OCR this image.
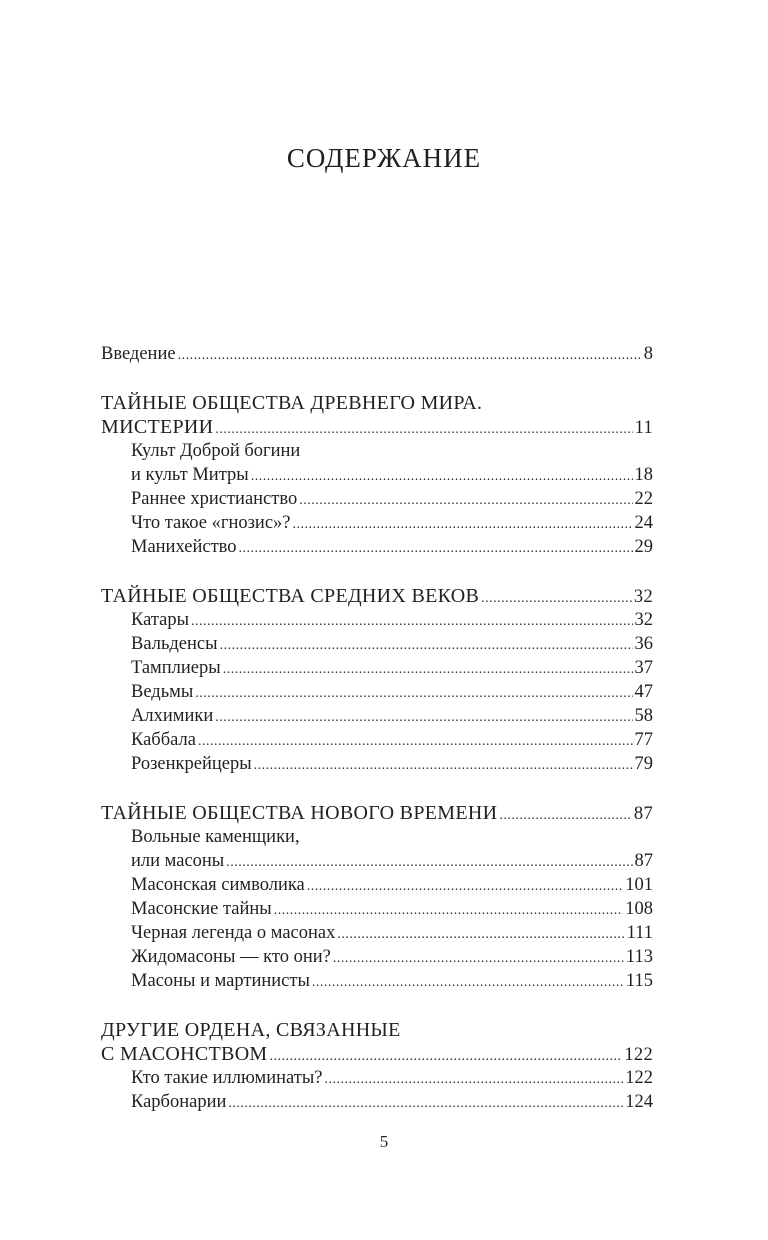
СОДЕРЖАНИЕ
Введение .....	8
ТАЙНЫЕ ОБЩЕСТВА ДРЕВНЕГО МИРА.
МИСТЕРИИ .....	11
Культ Доброй богини
и культ Митры .....	18
Раннее христианство .....	22
Что такое «гнозис»? .....	24
Манихейство .....	29
ТАЙНЫЕ ОБЩЕСТВА СРЕДНИХ ВЕКОВ .....	32
Катары .....	32
Вальденсы .....	36
Тамплиеры .....	37
Ведьмы .....	47
Алхимики .....	58
Каббала .....	77
Розенкрейцеры .....	79
ТАЙНЫЕ ОБЩЕСТВА НОВОГО ВРЕМЕНИ .....	87
Вольные каменщики,
или масоны .....	87
Масонская символика .....	101
Масонские тайны .....	108
Черная легенда о масонах .....	111
Жидомасоны — кто они? .....	113
Масоны и мартинисты .....	115
ДРУГИЕ ОРДЕНА, СВЯЗАННЫЕ
С МАСОНСТВОМ .....	122
Кто такие иллюминаты? .....	122
Карбонарии .....	124
5
